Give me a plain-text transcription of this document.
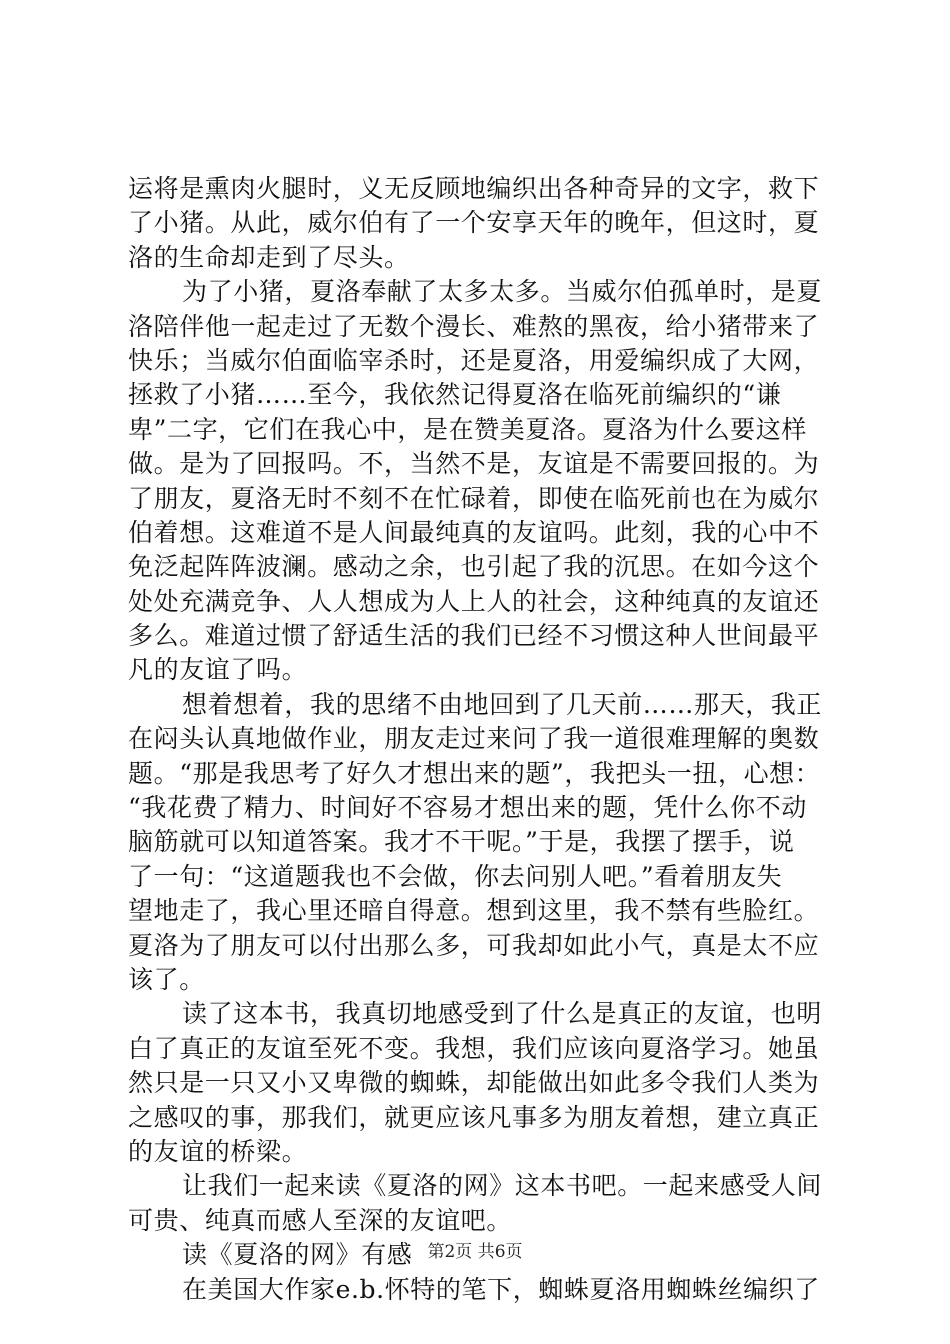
运将是熏肉火腿时，义无反顾地编织出各种奇异的文字，救下
了小猪。从此，威尔伯有了一个安享天年的晚年，但这时，夏
洛的生命却走到了尽头。
为了小猪，夏洛奉献了太多太多。当威尔伯孤单时，是夏
洛陪伴他一起走过了无数个漫长、难熬的黑夜，给小猪带来了
快乐；当威尔伯面临宰杀时，还是夏洛，用爱编织成了大网，
拯救了小猪……至今，我依然记得夏洛在临死前编织的“谦
卑”二字，它们在我心中，是在赞美夏洛。夏洛为什么要这样
做。是为了回报吗。不，当然不是，友谊是不需要回报的。为
了朋友，夏洛无时不刻不在忙碌着，即使在临死前也在为威尔
伯着想。这难道不是人间最纯真的友谊吗。此刻，我的心中不
免泛起阵阵波澜。感动之余，也引起了我的沉思。在如今这个
处处充满竞争、人人想成为人上人的社会，这种纯真的友谊还
多么。难道过惯了舒适生活的我们已经不习惯这种人世间最平
凡的友谊了吗。
想着想着，我的思绪不由地回到了几天前……那天，我正
在闷头认真地做作业，朋友走过来问了我一道很难理解的奥数
题。“那是我思考了好久才想出来的题”，我把头一扭，心想：
“我花费了精力、时间好不容易才想出来的题，凭什么你不动
脑筋就可以知道答案。我才不干呢。”于是，我摆了摆手，说
了一句：“这道题我也不会做，你去问别人吧。”看着朋友失
望地走了，我心里还暗自得意。想到这里，我不禁有些脸红。
夏洛为了朋友可以付出那么多，可我却如此小气，真是太不应
该了。
读了这本书，我真切地感受到了什么是真正的友谊，也明
白了真正的友谊至死不变。我想，我们应该向夏洛学习。她虽
然只是一只又小又卑微的蜘蛛，却能做出如此多令我们人类为
之感叹的事，那我们，就更应该凡事多为朋友着想，建立真正
的友谊的桥梁。
让我们一起来读《夏洛的网》这本书吧。一起来感受人间
可贵、纯真而感人至深的友谊吧。
读《夏洛的网》有感
在美国大作家e.b.怀特的笔下，蜘蛛夏洛用蜘蛛丝编织了
第2页 共6页
